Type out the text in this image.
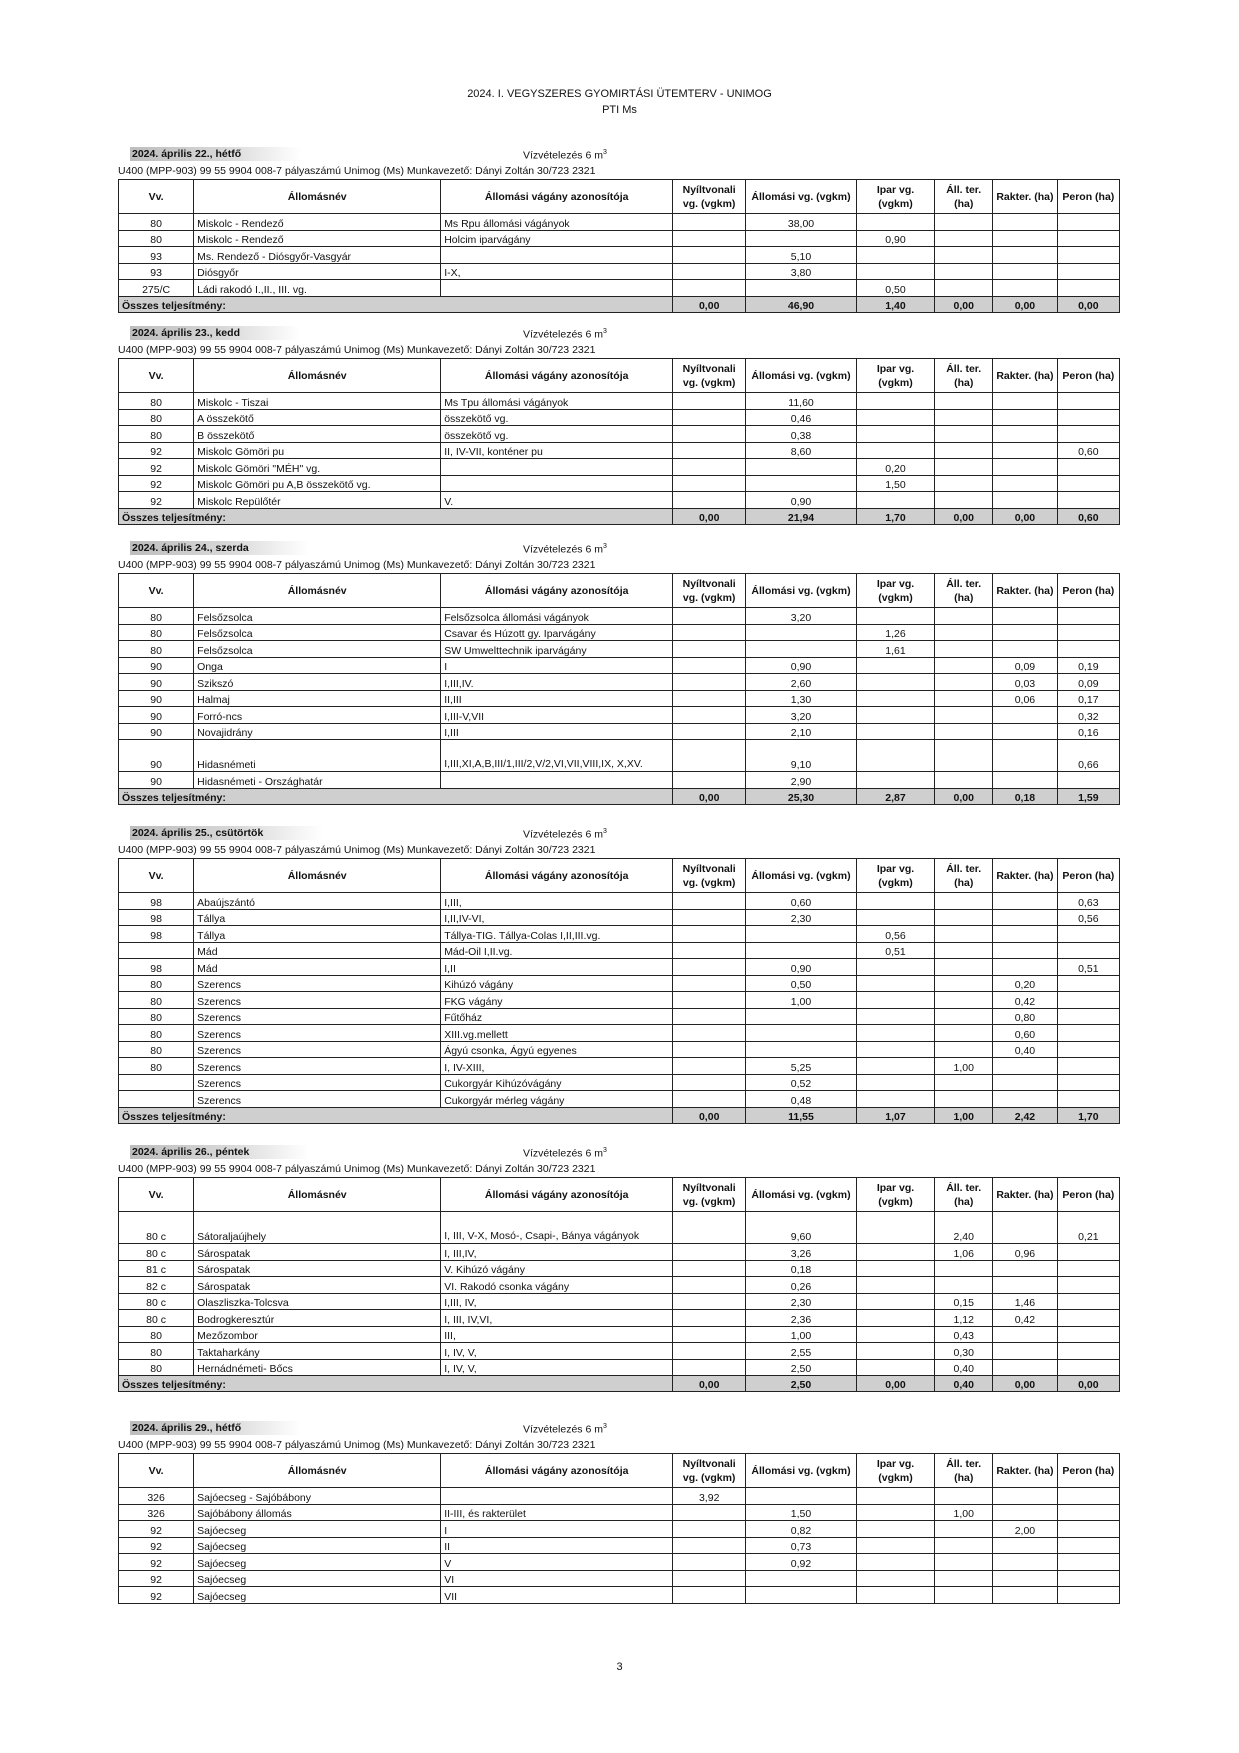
2024. I. VEGYSZERES GYOMIRTÁSI ÜTEMTERV - UNIMOG
PTI Ms
2024. április 22., hétfő	Vízvételezés 6 $m^3$
U400 (MPP-903) 99 55 9904 008-7 pályaszámú Unimog (Ms) Munkavezető: Dányi Zoltán 30/723 2321
Vv.	Állomásnév	Állomási vágány azonosítója	Nyíltvonali vg. (vgkm)	Állomási vg. (vgkm)	Ipar vg. (vgkm)	Áll. ter. (ha)	Rakter. (ha)	Peron (ha)
80	Miskolc - Rendező	Ms Rpu állomási vágányok		38,00				
80	Miskolc - Rendező	Holcim iparvágány			0,90			
93	Ms. Rendező - Diósgyőr-Vasgyár			5,10				
93	Diósgyőr	I-X,		3,80				
275/C	Ládi rakodó I.,II., III. vg.				0,50			
Összes teljesítmény:			0,00	46,90	1,40	0,00	0,00	0,00
2024. április 23., kedd	Vízvételezés 6 $m^3$
U400 (MPP-903) 99 55 9904 008-7 pályaszámú Unimog (Ms) Munkavezető: Dányi Zoltán 30/723 2321
Vv.	Állomásnév	Állomási vágány azonosítója	Nyíltvonali vg. (vgkm)	Állomási vg. (vgkm)	Ipar vg. (vgkm)	Áll. ter. (ha)	Rakter. (ha)	Peron (ha)
80	Miskolc - Tiszai	Ms Tpu állomási vágányok		11,60				
80	A összekötő	összekötő vg.		0,46				
80	B összekötő	összekötő vg.		0,38				
92	Miskolc Gömöri pu	II, IV-VII, konténer pu		8,60				0,60
92	Miskolc Gömöri "MÉH" vg.				0,20			
92	Miskolc Gömöri pu A,B összekötő vg.				1,50			
92	Miskolc Repülőtér	V.		0,90				
Összes teljesítmény:			0,00	21,94	1,70	0,00	0,00	0,60
2024. április 24., szerda	Vízvételezés 6 $m^3$
U400 (MPP-903) 99 55 9904 008-7 pályaszámú Unimog (Ms) Munkavezető: Dányi Zoltán 30/723 2321
Vv.	Állomásnév	Állomási vágány azonosítója	Nyíltvonali vg. (vgkm)	Állomási vg. (vgkm)	Ipar vg. (vgkm)	Áll. ter. (ha)	Rakter. (ha)	Peron (ha)
80	Felsőzsolca	Felsőzsolca állomási vágányok		3,20				
80	Felsőzsolca	Csavar és Húzott gy. Iparvágány			1,26			
80	Felsőzsolca	SW Umwelttechnik iparvágány			1,61			
90	Onga	I		0,90			0,09	0,19
90	Szikszó	I,III,IV.		2,60			0,03	0,09
90	Halmaj	II,III		1,30			0,06	0,17
90	Forró-ncs	I,III-V,VII		3,20				0,32
90	Novajidrány	I,III		2,10				0,16
90	Hidasnémeti	I,III,XI,A,B,III/1,III/2,V/2,VI,VII,VIII,IX, X,XV.		9,10				0,66
90	Hidasnémeti - Országhatár			2,90				
Összes teljesítmény:			0,00	25,30	2,87	0,00	0,18	1,59
2024. április 25., csütörtök	Vízvételezés 6 $m^3$
U400 (MPP-903) 99 55 9904 008-7 pályaszámú Unimog (Ms) Munkavezető: Dányi Zoltán 30/723 2321
Vv.	Állomásnév	Állomási vágány azonosítója	Nyíltvonali vg. (vgkm)	Állomási vg. (vgkm)	Ipar vg. (vgkm)	Áll. ter. (ha)	Rakter. (ha)	Peron (ha)
98	Abaújszántó	I,III,		0,60				0,63
98	Tállya	I,II,IV-VI,		2,30				0,56
98	Tállya	Tállya-TIG. Tállya-Colas I,II,III.vg.			0,56			
	Mád	Mád-Oil I,II.vg.			0,51			
98	Mád	I,II		0,90				0,51
80	Szerencs	Kihúzó vágány		0,50			0,20	
80	Szerencs	FKG vágány		1,00			0,42	
80	Szerencs	Fűtőház					0,80	
80	Szerencs	XIII.vg.mellett					0,60	
80	Szerencs	Ágyú csonka, Ágyú egyenes					0,40	
80	Szerencs	I, IV-XIII,		5,25		1,00		
	Szerencs	Cukorgyár Kihúzóvágány		0,52				
	Szerencs	Cukorgyár mérleg vágány		0,48				
Összes teljesítmény:			0,00	11,55	1,07	1,00	2,42	1,70
2024. április 26., péntek	Vízvételezés 6 $m^3$
U400 (MPP-903) 99 55 9904 008-7 pályaszámú Unimog (Ms) Munkavezető: Dányi Zoltán 30/723 2321
Vv.	Állomásnév	Állomási vágány azonosítója	Nyíltvonali vg. (vgkm)	Állomási vg. (vgkm)	Ipar vg. (vgkm)	Áll. ter. (ha)	Rakter. (ha)	Peron (ha)
80 c	Sátoraljaújhely	I, III, V-X, Mosó-, Csapi-, Bánya vágányok		9,60		2,40		0,21
80 c	Sárospatak	I, III,IV,		3,26		1,06	0,96	
81 c	Sárospatak	V. Kihúzó vágány		0,18				
82 c	Sárospatak	VI. Rakodó csonka vágány		0,26				
80 c	Olaszliszka-Tolcsva	I,III, IV,		2,30		0,15	1,46	
80 c	Bodrogkeresztúr	I, III, IV,VI,		2,36		1,12	0,42	
80	Mezőzombor	III,		1,00		0,43		
80	Taktaharkány	I, IV, V,		2,55		0,30		
80	Hernádnémeti- Bőcs	I, IV, V,		2,50		0,40		
Összes teljesítmény:			0,00	2,50	0,00	0,40	0,00	0,00
2024. április 29., hétfő	Vízvételezés 6 $m^3$
U400 (MPP-903) 99 55 9904 008-7 pályaszámú Unimog (Ms) Munkavezető: Dányi Zoltán 30/723 2321
Vv.	Állomásnév	Állomási vágány azonosítója	Nyíltvonali vg. (vgkm)	Állomási vg. (vgkm)	Ipar vg. (vgkm)	Áll. ter. (ha)	Rakter. (ha)	Peron (ha)
326	Sajóecseg - Sajóbábony		3,92					
326	Sajóbábony állomás	II-III, és rakterület		1,50		1,00		
92	Sajóecseg	I		0,82			2,00	
92	Sajóecseg	II		0,73				
92	Sajóecseg	V		0,92				
92	Sajóecseg	VI						
92	Sajóecseg	VII						
3
